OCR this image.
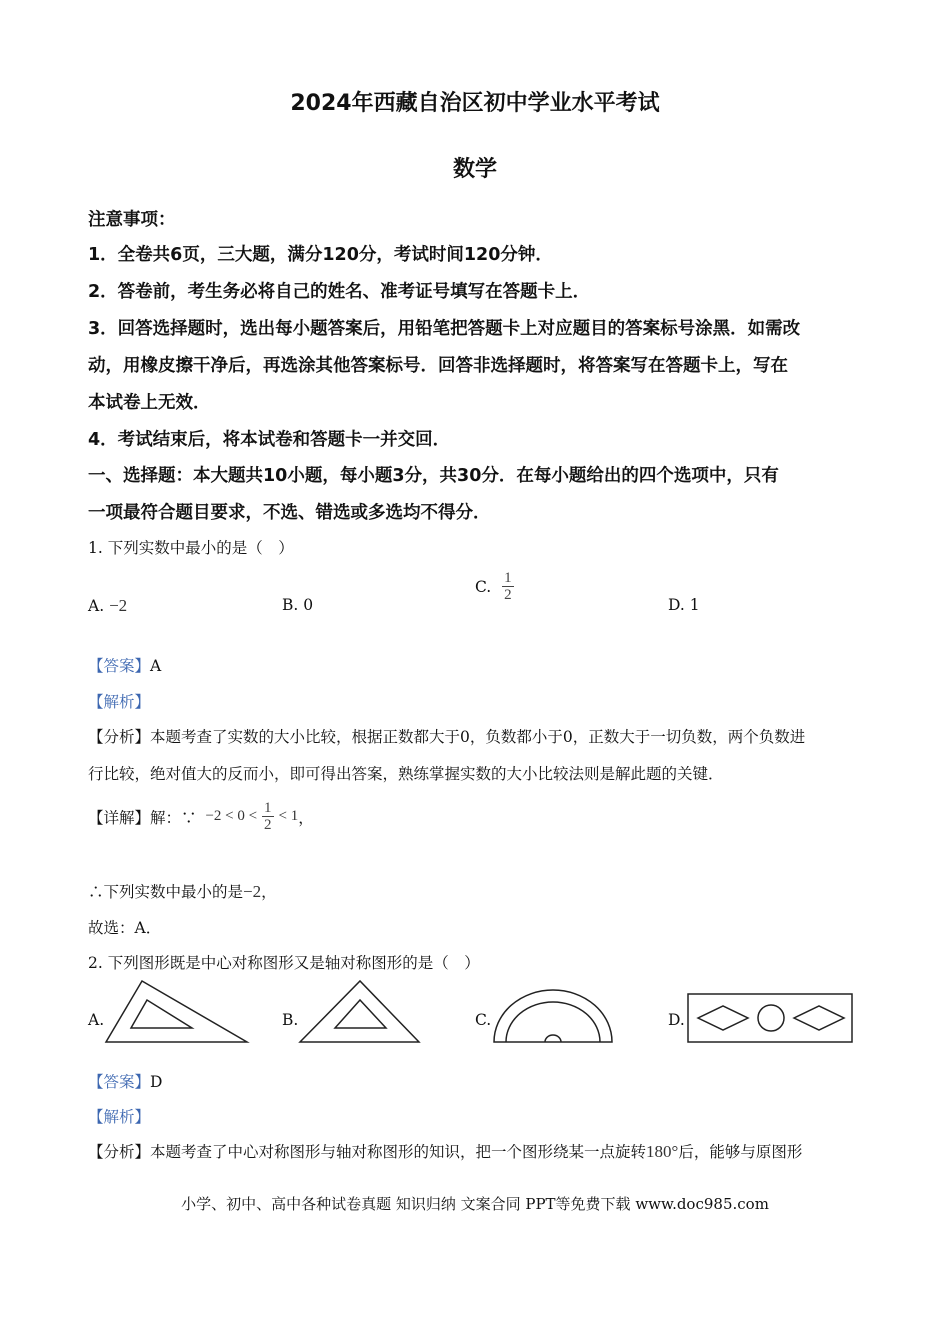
2024年西藏自治区初中学业水平考试
数学
注意事项：
1．全卷共6页，三大题，满分120分，考试时间120分钟．
2．答卷前，考生务必将自己的姓名、准考证号填写在答题卡上．
3．回答选择题时，选出每小题答案后，用铅笔把答题卡上对应题目的答案标号涂黑．如需改
动，用橡皮擦干净后，再选涂其他答案标号．回答非选择题时，将答案写在答题卡上，写在
本试卷上无效．
4．考试结束后，将本试卷和答题卡一并交回．
一、选择题：本大题共10小题，每小题3分，共30分．在每小题给出的四个选项中，只有
一项最符合题目要求，不选、错选或多选均不得分．
1. 下列实数中最小的是（　）
A. −2	B. 0
C. $\frac{1}{2}$
D. 1
【答案】A
【解析】
【分析】本题考查了实数的大小比较，根据正数都大于0，负数都小于0，正数大于一切负数，两个负数进
行比较，绝对值大的反而小，即可得出答案，熟练掌握实数的大小比较法则是解此题的关键．
【详解】解：∵ $-2 < 0 < \frac{1}{2} < 1$，
∴下列实数中最小的是−2，
故选：A．
2. 下列图形既是中心对称图形又是轴对称图形的是（　）
A.	B.	C.	D.
【答案】D
【解析】
【分析】本题考查了中心对称图形与轴对称图形的知识，把一个图形绕某一点旋转180°后，能够与原图形
小学、初中、高中各种试卷真题 知识归纳 文案合同 PPT等免费下载 www.doc985.com
